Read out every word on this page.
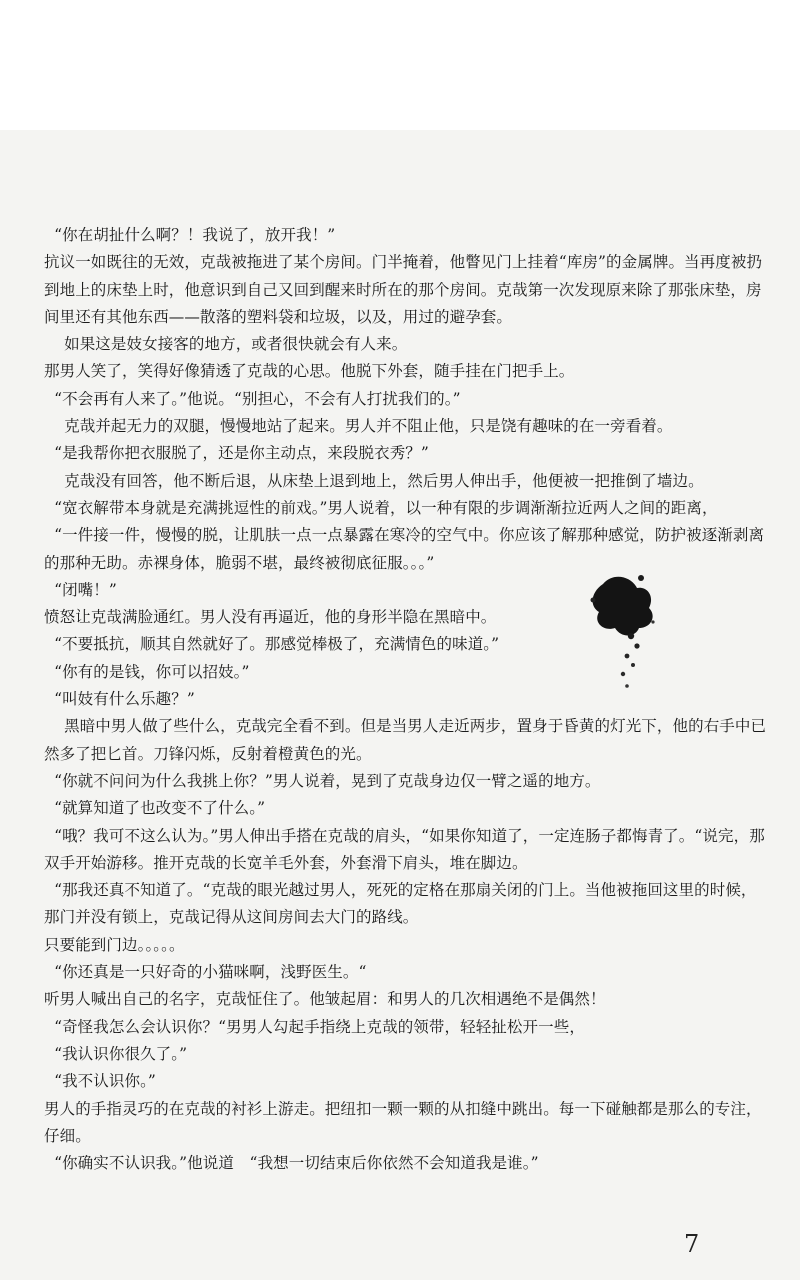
“你在胡扯什么啊？！我说了，放开我！”
抗议一如既往的无效，克哉被拖进了某个房间。门半掩着，他瞥见门上挂着“库房”的金属牌。当再度被扔到地上的床垫上时，他意识到自己又回到醒来时所在的那个房间。克哉第一次发现原来除了那张床垫，房间里还有其他东西——散落的塑料袋和垃圾，以及，用过的避孕套。
如果这是妓女接客的地方，或者很快就会有人来。
那男人笑了，笑得好像猜透了克哉的心思。他脱下外套，随手挂在门把手上。
“不会再有人来了。”他说。“别担心，不会有人打扰我们的。”
克哉并起无力的双腿，慢慢地站了起来。男人并不阻止他，只是饶有趣味的在一旁看着。
“是我帮你把衣服脱了，还是你主动点，来段脱衣秀？”
克哉没有回答，他不断后退，从床垫上退到地上，然后男人伸出手，他便被一把推倒了墙边。
“宽衣解带本身就是充满挑逗性的前戏。”男人说着，以一种有限的步调渐渐拉近两人之间的距离，
“一件接一件，慢慢的脱，让肌肤一点一点暴露在寒冷的空气中。你应该了解那种感觉，防护被逐渐剥离的那种无助。赤裸身体，脆弱不堪，最终被彻底征服。。。”
“闭嘴！”
愤怒让克哉满脸通红。男人没有再逼近，他的身形半隐在黑暗中。
“不要抵抗，顺其自然就好了。那感觉棒极了，充满情色的味道。”
“你有的是钱，你可以招妓。”
“叫妓有什么乐趣？”
黑暗中男人做了些什么，克哉完全看不到。但是当男人走近两步，置身于昏黄的灯光下，他的右手中已然多了把匕首。刀锋闪烁，反射着橙黄色的光。
“你就不问问为什么我挑上你？”男人说着，晃到了克哉身边仅一臂之遥的地方。
“就算知道了也改变不了什么。”
“哦？我可不这么认为。”男人伸出手搭在克哉的肩头，“如果你知道了，一定连肠子都悔青了。“说完，那双手开始游移。推开克哉的长宽羊毛外套，外套滑下肩头，堆在脚边。
“那我还真不知道了。“克哉的眼光越过男人，死死的定格在那扇关闭的门上。当他被拖回这里的时候，那门并没有锁上，克哉记得从这间房间去大门的路线。
只要能到门边。。。。。
“你还真是一只好奇的小猫咪啊，浅野医生。“
听男人喊出自己的名字，克哉怔住了。他皱起眉：和男人的几次相遇绝不是偶然！
“奇怪我怎么会认识你？“男男人勾起手指绕上克哉的领带，轻轻扯松开一些，
“我认识你很久了。”
“我不认识你。”
男人的手指灵巧的在克哉的衬衫上游走。把纽扣一颗一颗的从扣缝中跳出。每一下碰触都是那么的专注，仔细。
“你确实不认识我。”他说道　“我想一切结束后你依然不会知道我是谁。”
7
